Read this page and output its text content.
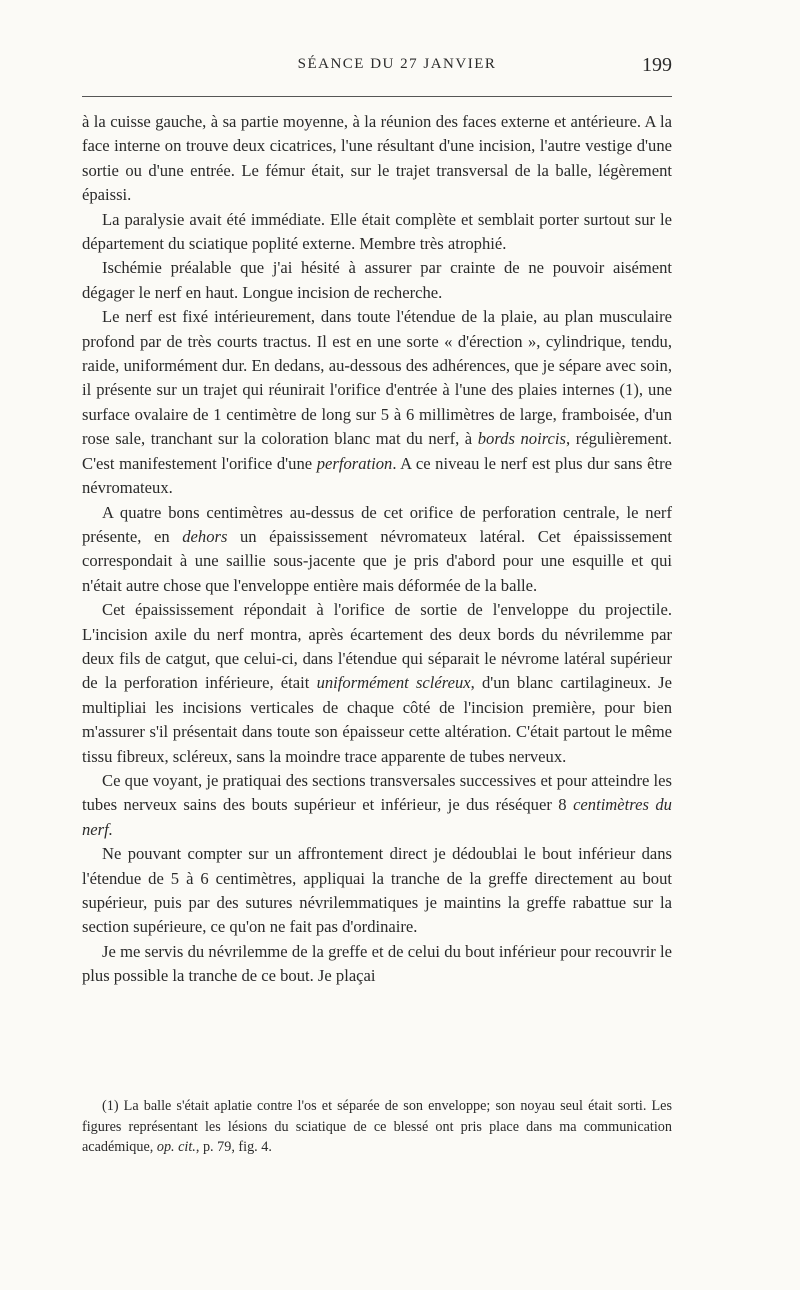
SÉANCE DU 27 JANVIER	199

à la cuisse gauche, à sa partie moyenne, à la réunion des faces externe et antérieure. A la face interne on trouve deux cicatrices, l'une résultant d'une incision, l'autre vestige d'une sortie ou d'une entrée. Le fémur était, sur le trajet transversal de la balle, légèrement épaissi.

La paralysie avait été immédiate. Elle était complète et semblait porter surtout sur le département du sciatique poplité externe. Membre très atrophié.

Ischémie préalable que j'ai hésité à assurer par crainte de ne pouvoir aisément dégager le nerf en haut. Longue incision de recherche.

Le nerf est fixé intérieurement, dans toute l'étendue de la plaie, au plan musculaire profond par de très courts tractus. Il est en une sorte « d'érection », cylindrique, tendu, raide, uniformément dur. En dedans, au-dessous des adhérences, que je sépare avec soin, il présente sur un trajet qui réunirait l'orifice d'entrée à l'une des plaies internes (1), une surface ovalaire de 1 centimètre de long sur 5 à 6 millimètres de large, framboisée, d'un rose sale, tranchant sur la coloration blanc mat du nerf, à bords noircis, régulièrement. C'est manifestement l'orifice d'une perforation. A ce niveau le nerf est plus dur sans être névromateux.

A quatre bons centimètres au-dessus de cet orifice de perforation centrale, le nerf présente, en dehors un épaississement névromateux latéral. Cet épaississement correspondait à une saillie sous-jacente que je pris d'abord pour une esquille et qui n'était autre chose que l'enveloppe entière mais déformée de la balle.

Cet épaississement répondait à l'orifice de sortie de l'enveloppe du projectile. L'incision axile du nerf montra, après écartement des deux bords du névrilemme par deux fils de catgut, que celui-ci, dans l'étendue qui séparait le névrome latéral supérieur de la perforation inférieure, était uniformément scléreux, d'un blanc cartilagineux. Je multipliai les incisions verticales de chaque côté de l'incision première, pour bien m'assurer s'il présentait dans toute son épaisseur cette altération. C'était partout le même tissu fibreux, scléreux, sans la moindre trace apparente de tubes nerveux.

Ce que voyant, je pratiquai des sections transversales successives et pour atteindre les tubes nerveux sains des bouts supérieur et inférieur, je dus réséquer 8 centimètres du nerf.

Ne pouvant compter sur un affrontement direct je dédoublai le bout inférieur dans l'étendue de 5 à 6 centimètres, appliquai la tranche de la greffe directement au bout supérieur, puis par des sutures névrilemmatiques je maintins la greffe rabattue sur la section supérieure, ce qu'on ne fait pas d'ordinaire.

Je me servis du névrilemme de la greffe et de celui du bout inférieur pour recouvrir le plus possible la tranche de ce bout. Je plaçai

(1) La balle s'était aplatie contre l'os et séparée de son enveloppe; son noyau seul était sorti. Les figures représentant les lésions du sciatique de ce blessé ont pris place dans ma communication académique, op. cit., p. 79, fig. 4.
